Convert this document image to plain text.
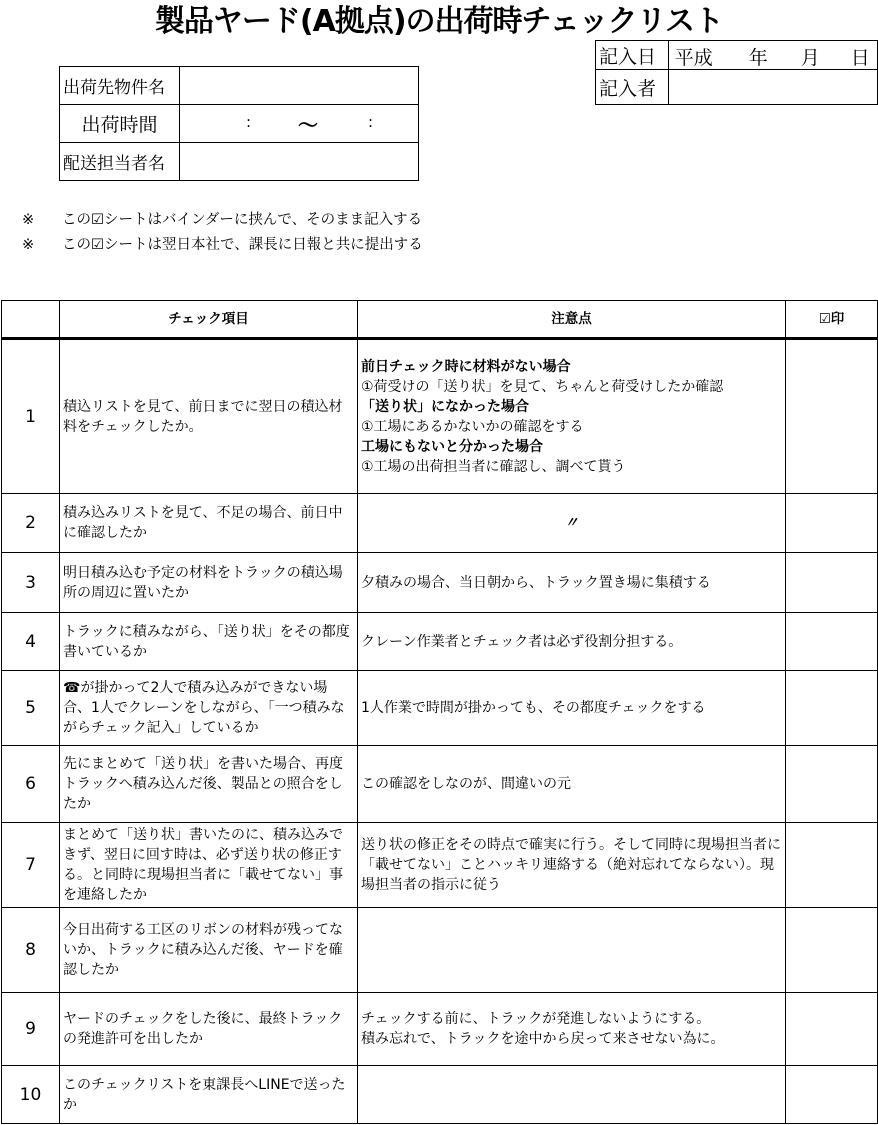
製品ヤード(A拠点)の出荷時チェックリスト
記入日	平成 年 月 日

記入者	
出荷先物件名	
出荷時間	: 〜 :

配送担当者名	
※	この☑シートはバインダーに挟んで、そのまま記入する
※	この☑シートは翌日本社で、課長に日報と共に提出する
	チェック項目	注意点	☑印
1	積込リストを見て、前日までに翌日の積込材料をチェックしたか。	
前日チェック時に材料がない場合
①荷受けの「送り状」を見て、ちゃんと荷受けしたか確認
「送り状」になかった場合
①工場にあるかないかの確認をする
工場にもないと分かった場合
①工場の出荷担当者に確認し、調べて貰う

2	積み込みリストを見て、不足の場合、前日中に確認したか	〃	
3	明日積み込む予定の材料をトラックの積込場所の周辺に置いたか	夕積みの場合、当日朝から、トラック置き場に集積する	
4	トラックに積みながら、「送り状」をその都度書いているか	クレーン作業者とチェック者は必ず役割分担する。	
5	☎が掛かって2人で積み込みができない場合、1人でクレーンをしながら、「一つ積みながらチェック記入」しているか	1人作業で時間が掛かっても、その都度チェックをする	
6	先にまとめて「送り状」を書いた場合、再度トラックへ積み込んだ後、製品との照合をしたか	この確認をしなのが、間違いの元	
7	まとめて「送り状」書いたのに、積み込みできず、翌日に回す時は、必ず送り状の修正する。と同時に現場担当者に「載せてない」事を連絡したか	送り状の修正をその時点で確実に行う。そして同時に現場担当者に「載せてない」ことハッキリ連絡する（絶対忘れてならない）。現場担当者の指示に従う	
8	今日出荷する工区のリボンの材料が残ってないか、トラックに積み込んだ後、ヤードを確認したか		
9	ヤードのチェックをした後に、最終トラックの発進許可を出したか	チェックする前に、トラックが発進しないようにする。
積み忘れで、トラックを途中から戻って来させない為に。	

10	このチェックリストを東課長へLINEで送ったか		
